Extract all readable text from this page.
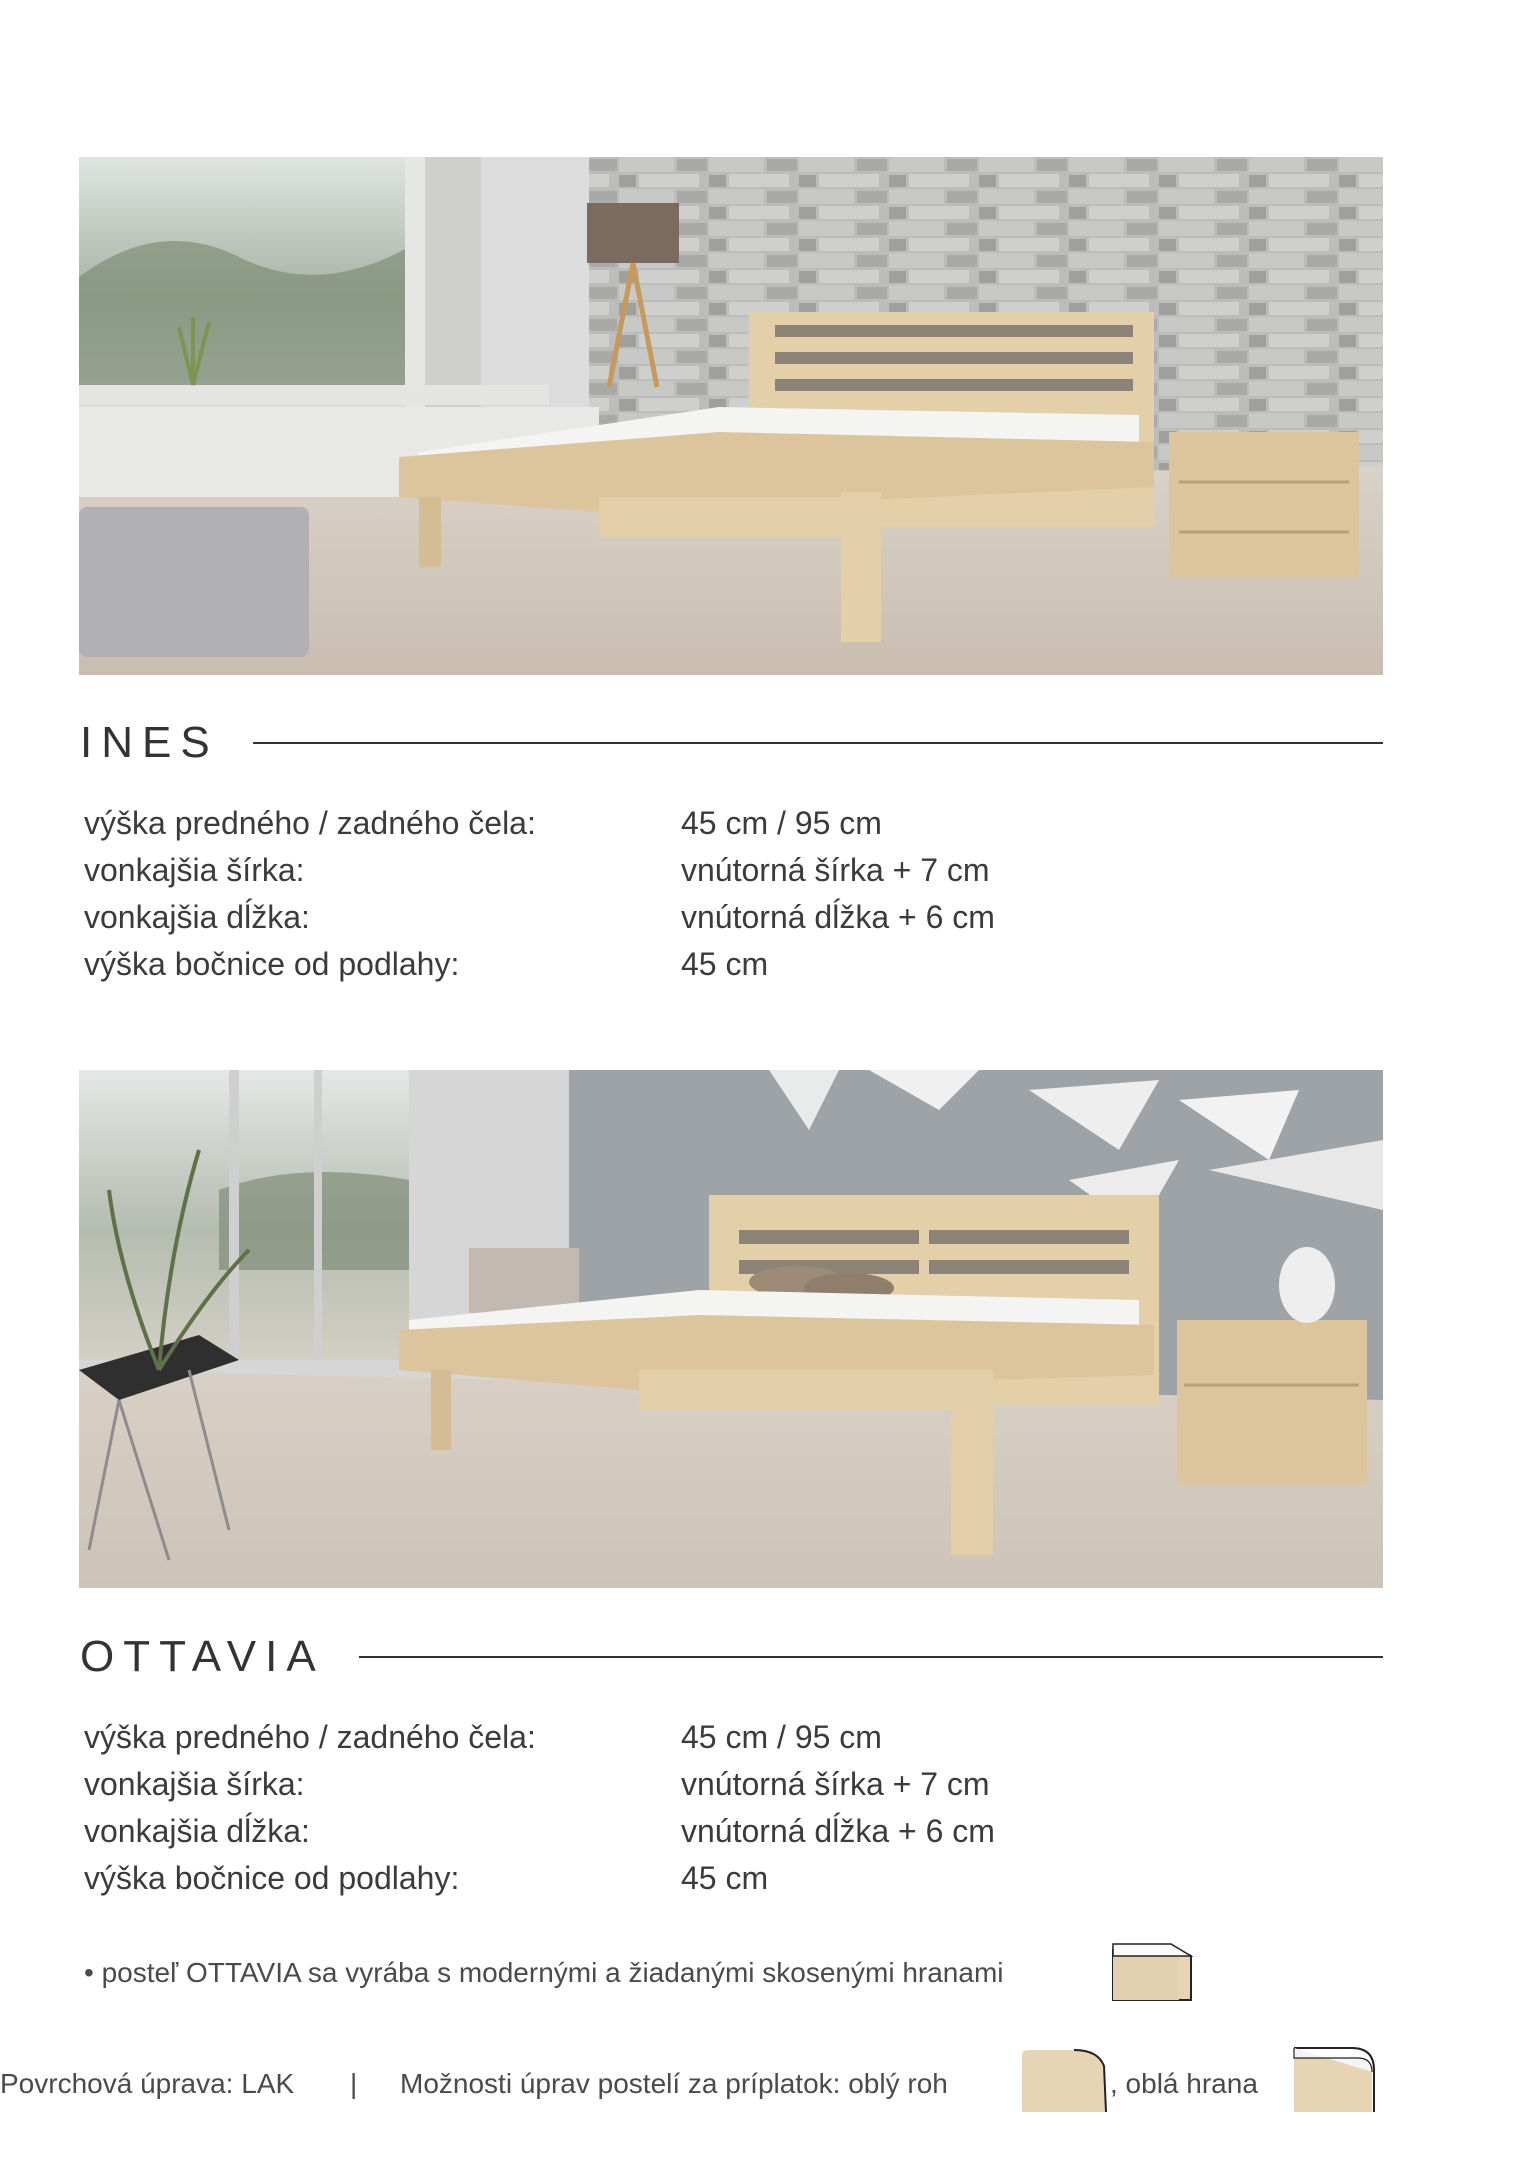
INES
výška predného / zadného čela:	45 cm / 95 cm
vonkajšia šírka:	vnútorná šírka + 7 cm
vonkajšia dĺžka:	vnútorná dĺžka + 6 cm
výška bočnice od podlahy:	45 cm
OTTAVIA
výška predného / zadného čela:	45 cm / 95 cm
vonkajšia šírka:	vnútorná šírka + 7 cm
vonkajšia dĺžka:	vnútorná dĺžka + 6 cm
výška bočnice od podlahy:	45 cm
• posteľ OTTAVIA sa vyrába s modernými a žiadanými skosenými hranami
Povrchová úprava: LAK | Možnosti úprav postelí za príplatok: oblý roh	, oblá hrana
